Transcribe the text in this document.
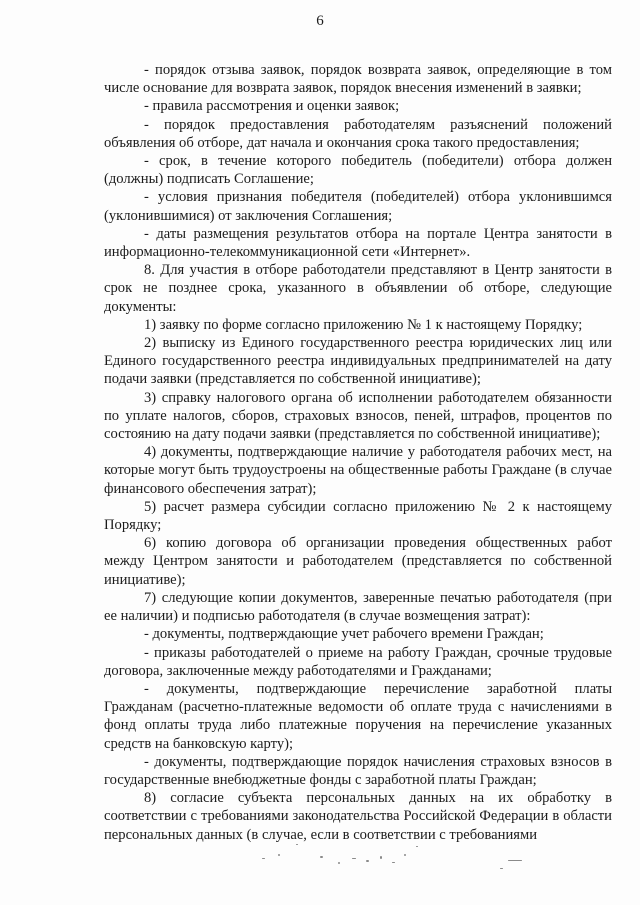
6

- порядок отзыва заявок, порядок возврата заявок, определяющие в том числе основание для возврата заявок, порядок внесения изменений в заявки;

- правила рассмотрения и оценки заявок;

- порядок предоставления работодателям разъяснений положений объявления об отборе, дат начала и окончания срока такого предоставления;

- срок, в течение которого победитель (победители) отбора должен (должны) подписать Соглашение;

- условия признания победителя (победителей) отбора уклонившимся (уклонившимися) от заключения Соглашения;

- даты размещения результатов отбора на портале Центра занятости в информационно-телекоммуникационной сети «Интернет».

8. Для участия в отборе работодатели представляют в Центр занятости в срок не позднее срока, указанного в объявлении об отборе, следующие документы:

1) заявку по форме согласно приложению № 1 к настоящему Порядку;

2) выписку из Единого государственного реестра юридических лиц или Единого государственного реестра индивидуальных предпринимателей на дату подачи заявки (представляется по собственной инициативе);

3) справку налогового органа об исполнении работодателем обязанности по уплате налогов, сборов, страховых взносов, пеней, штрафов, процентов по состоянию на дату подачи заявки (представляется по собственной инициативе);

4) документы, подтверждающие наличие у работодателя рабочих мест, на которые могут быть трудоустроены на общественные работы Граждане (в случае финансового обеспечения затрат);

5) расчет размера субсидии согласно приложению № 2 к настоящему Порядку;

6) копию договора об организации проведения общественных работ между Центром занятости и работодателем (представляется по собственной инициативе);

7) следующие копии документов, заверенные печатью работодателя (при ее наличии) и подписью работодателя (в случае возмещения затрат):

- документы, подтверждающие учет рабочего времени Граждан;

- приказы работодателей о приеме на работу Граждан, срочные трудовые договора, заключенные между работодателями и Гражданами;

- документы, подтверждающие перечисление заработной платы Гражданам (расчетно-платежные ведомости об оплате труда с начислениями в фонд оплаты труда либо платежные поручения на перечисление указанных средств на банковскую карту);

- документы, подтверждающие порядок начисления страховых взносов в государственные внебюджетные фонды с заработной платы Граждан;

8) согласие субъекта персональных данных на их обработку в соответствии с требованиями законодательства Российской Федерации в области персональных данных (в случае, если в соответствии с требованиями
